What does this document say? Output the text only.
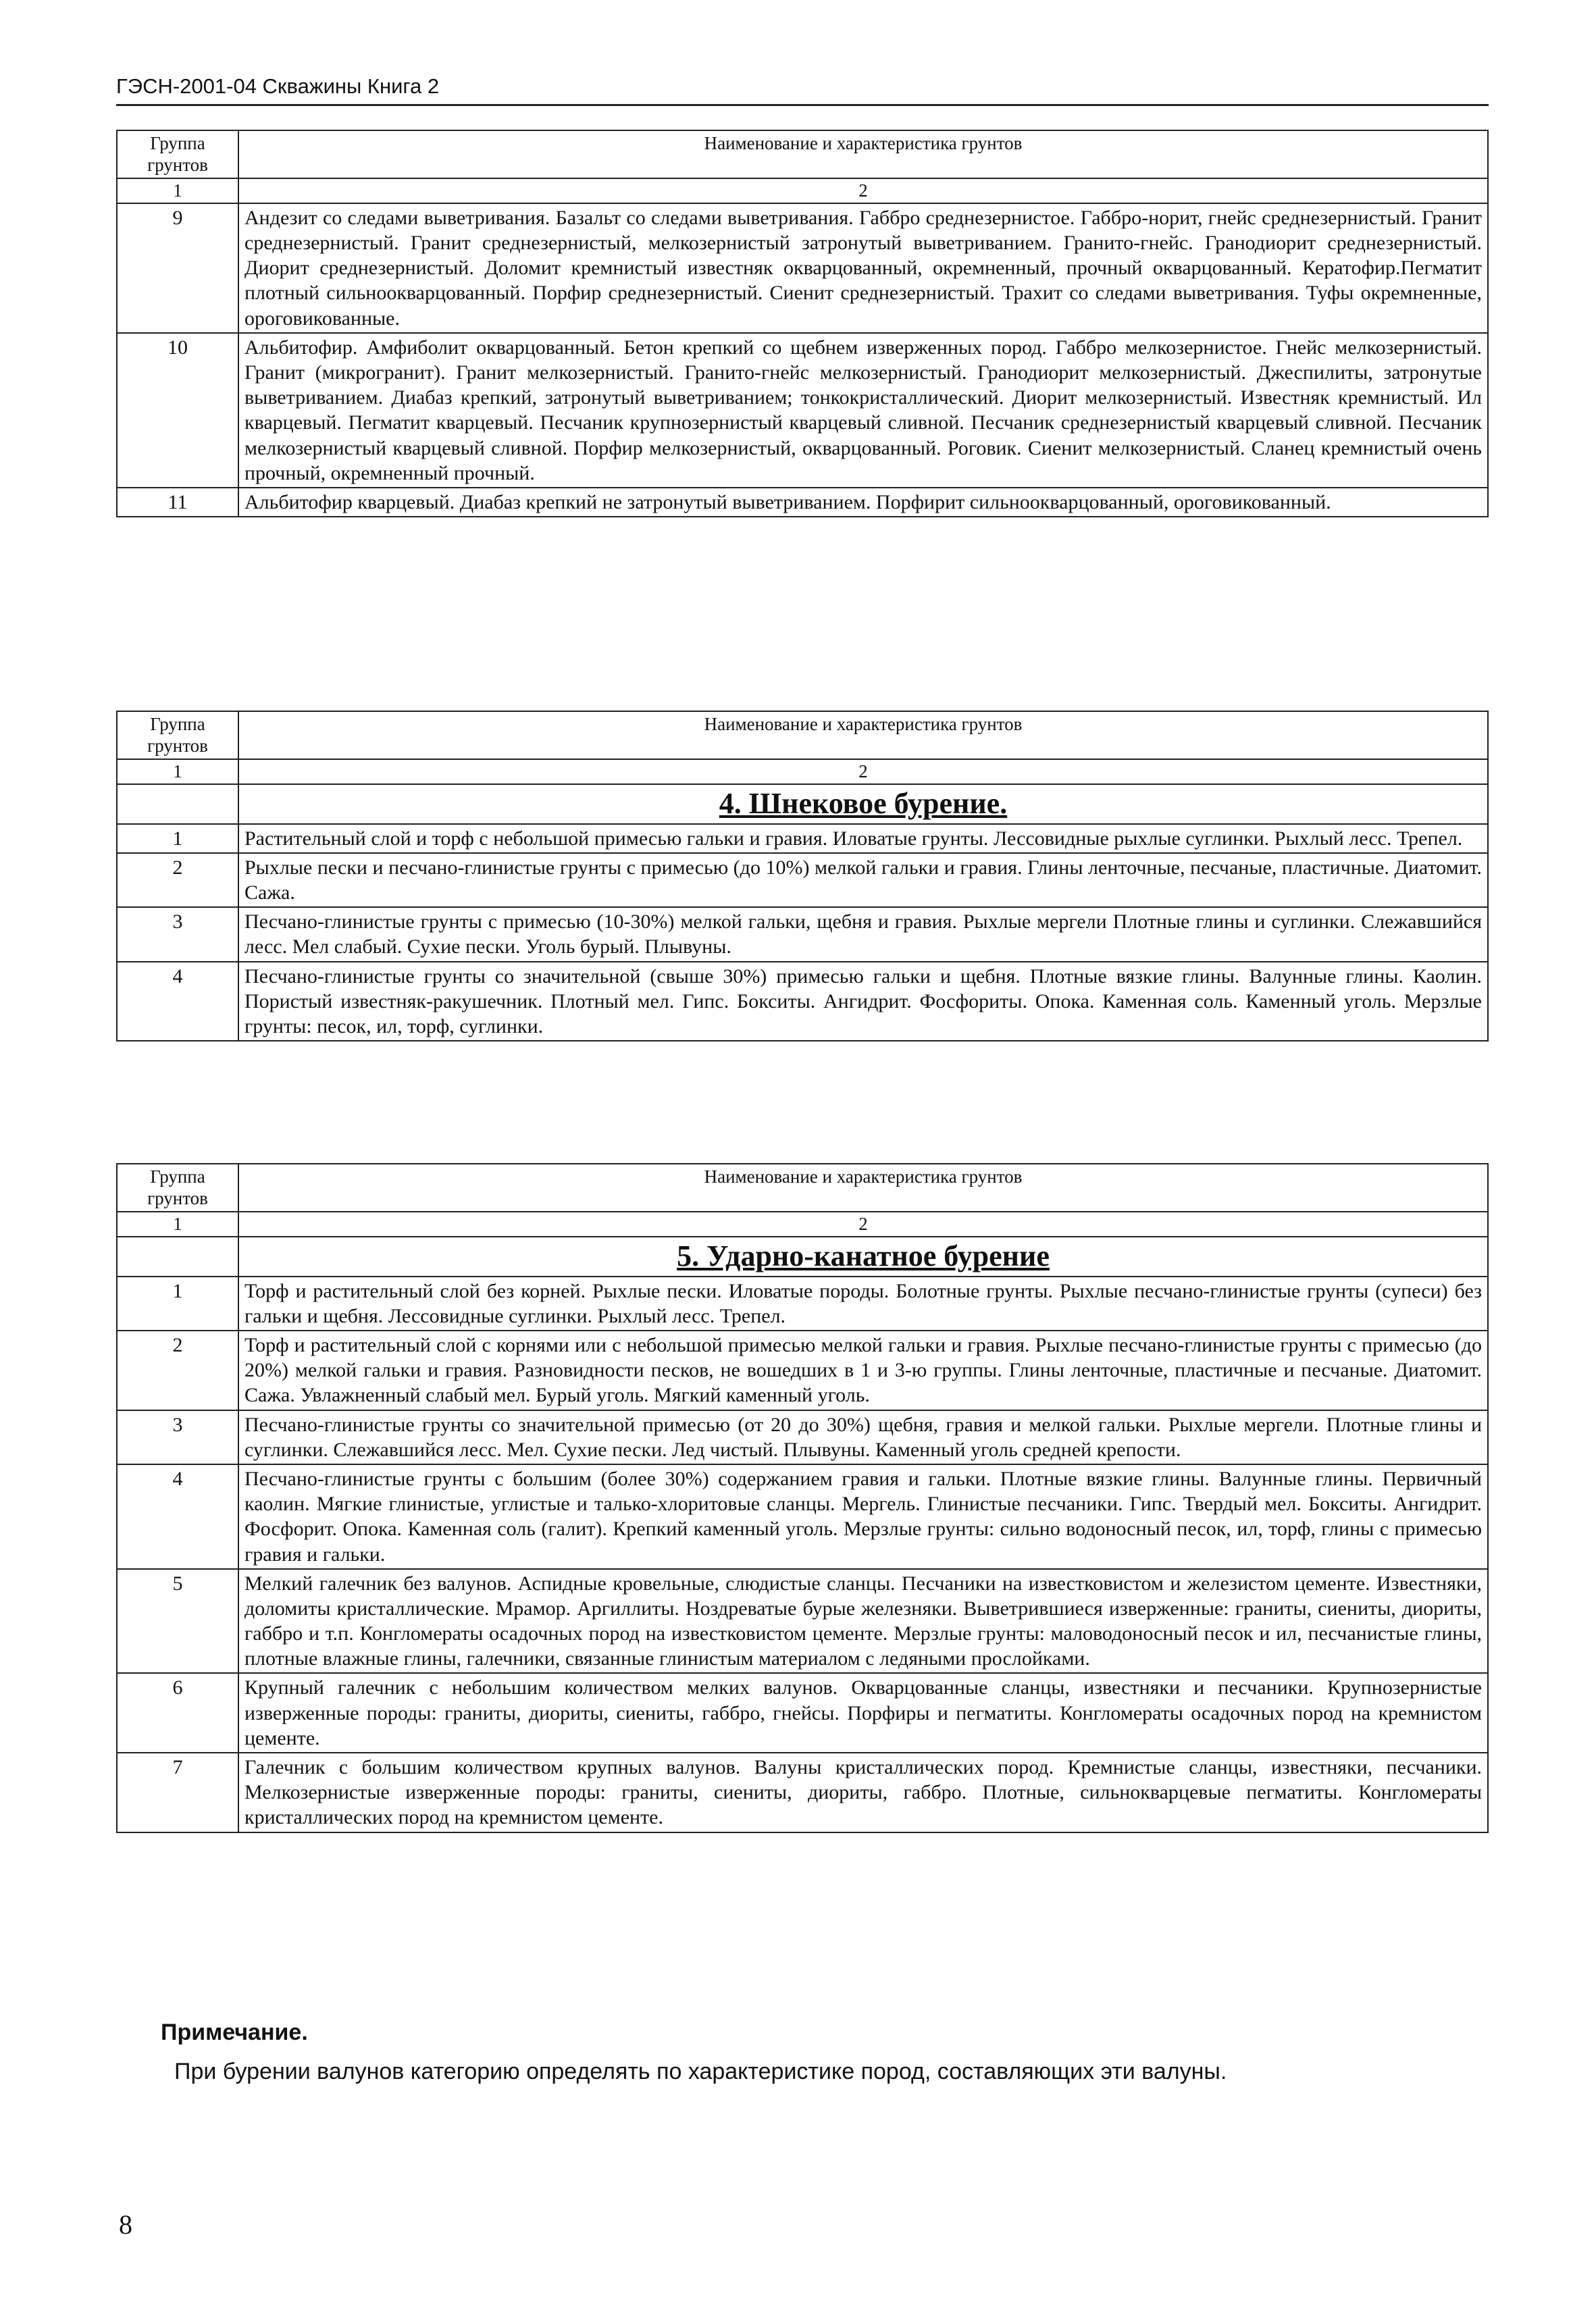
ГЭСН-2001-04 Скважины Книга 2
Группа грунтов	Наименование и характеристика грунтов
1	2
9	Андезит со следами выветривания. Базальт со следами выветривания. Габбро среднезернистое. Габбро-норит, гнейс среднезернистый. Гранит среднезернистый. Гранит среднезернистый, мелкозернистый затронутый выветриванием. Гранито-гнейс. Гранодиорит среднезернистый. Диорит среднезернистый. Доломит кремнистый известняк окварцованный, окремненный, прочный окварцованный. Кератофир.Пегматит плотный сильноокварцованный. Порфир среднезернистый. Сиенит среднезернистый. Трахит со следами выветривания. Туфы окремненные, ороговикованные.
10	Альбитофир. Амфиболит окварцованный. Бетон крепкий со щебнем изверженных пород. Габбро мелкозернистое. Гнейс мелкозернистый. Гранит (микрогранит). Гранит мелкозернистый. Гранито-гнейс мелкозернистый. Гранодиорит мелкозернистый. Джеспилиты, затронутые выветриванием. Диабаз крепкий, затронутый выветриванием; тонкокристаллический. Диорит мелкозернистый. Известняк кремнистый. Ил кварцевый. Пегматит кварцевый. Песчаник крупнозернистый кварцевый сливной. Песчаник среднезернистый кварцевый сливной. Песчаник мелкозернистый кварцевый сливной. Порфир мелкозернистый, окварцованный. Роговик. Сиенит мелкозернистый. Сланец кремнистый очень прочный, окремненный прочный.
11	Альбитофир кварцевый. Диабаз крепкий не затронутый выветриванием. Порфирит сильноокварцованный, ороговикованный.
Группа грунтов	Наименование и характеристика грунтов
1	2
	4. Шнековое бурение.
1	Растительный слой и торф с небольшой примесью гальки и гравия. Иловатые грунты. Лессовидные рыхлые суглинки. Рыхлый лесс. Трепел.
2	Рыхлые пески и песчано-глинистые грунты с примесью (до 10%) мелкой гальки и гравия. Глины ленточные, песчаные, пластичные. Диатомит. Сажа.
3	Песчано-глинистые грунты с примесью (10-30%) мелкой гальки, щебня и гравия. Рыхлые мергели Плотные глины и суглинки. Слежавшийся лесс. Мел слабый. Сухие пески. Уголь бурый. Плывуны.
4	Песчано-глинистые грунты со значительной (свыше 30%) примесью гальки и щебня. Плотные вязкие глины. Валунные глины. Каолин. Пористый известняк-ракушечник. Плотный мел. Гипс. Бокситы. Ангидрит. Фосфориты. Опока. Каменная соль. Каменный уголь. Мерзлые грунты: песок, ил, торф, суглинки.
Группа грунтов	Наименование и характеристика грунтов
1	2
	5. Ударно-канатное бурение
1	Торф и растительный слой без корней. Рыхлые пески. Иловатые породы. Болотные грунты. Рыхлые песчано-глинистые грунты (супеси) без гальки и щебня. Лессовидные суглинки. Рыхлый лесс. Трепел.
2	Торф и растительный слой с корнями или с небольшой примесью мелкой гальки и гравия. Рыхлые песчано-глинистые грунты с примесью (до 20%) мелкой гальки и гравия. Разновидности песков, не вошедших в 1 и 3-ю группы. Глины ленточные, пластичные и песчаные. Диатомит. Сажа. Увлажненный слабый мел. Бурый уголь. Мягкий каменный уголь.
3	Песчано-глинистые грунты со значительной примесью (от 20 до 30%) щебня, гравия и мелкой гальки. Рыхлые мергели. Плотные глины и суглинки. Слежавшийся лесс. Мел. Сухие пески. Лед чистый. Плывуны. Каменный уголь средней крепости.
4	Песчано-глинистые грунты с большим (более 30%) содержанием гравия и гальки. Плотные вязкие глины. Валунные глины. Первичный каолин. Мягкие глинистые, углистые и талько-хлоритовые сланцы. Мергель. Глинистые песчаники. Гипс. Твердый мел. Бокситы. Ангидрит. Фосфорит. Опока. Каменная соль (галит). Крепкий каменный уголь. Мерзлые грунты: сильно водоносный песок, ил, торф, глины с примесью гравия и гальки.
5	Мелкий галечник без валунов. Аспидные кровельные, слюдистые сланцы. Песчаники на известковистом и железистом цементе. Известняки, доломиты кристаллические. Мрамор. Аргиллиты. Ноздреватые бурые железняки. Выветрившиеся изверженные: граниты, сиениты, диориты, габбро и т.п. Конгломераты осадочных пород на известковистом цементе. Мерзлые грунты: маловодоносный песок и ил, песчанистые глины, плотные влажные глины, галечники, связанные глинистым материалом с ледяными прослойками.
6	Крупный галечник с небольшим количеством мелких валунов. Окварцованные сланцы, известняки и песчаники. Крупнозернистые изверженные породы: граниты, диориты, сиениты, габбро, гнейсы. Порфиры и пегматиты. Конгломераты осадочных пород на кремнистом цементе.
7	Галечник с большим количеством крупных валунов. Валуны кристаллических пород. Кремнистые сланцы, известняки, песчаники. Мелкозернистые изверженные породы: граниты, сиениты, диориты, габбро. Плотные, сильнокварцевые пегматиты. Конгломераты кристаллических пород на кремнистом цементе.
Примечание.
При бурении валунов категорию определять по характеристике пород, составляющих эти валуны.
8
